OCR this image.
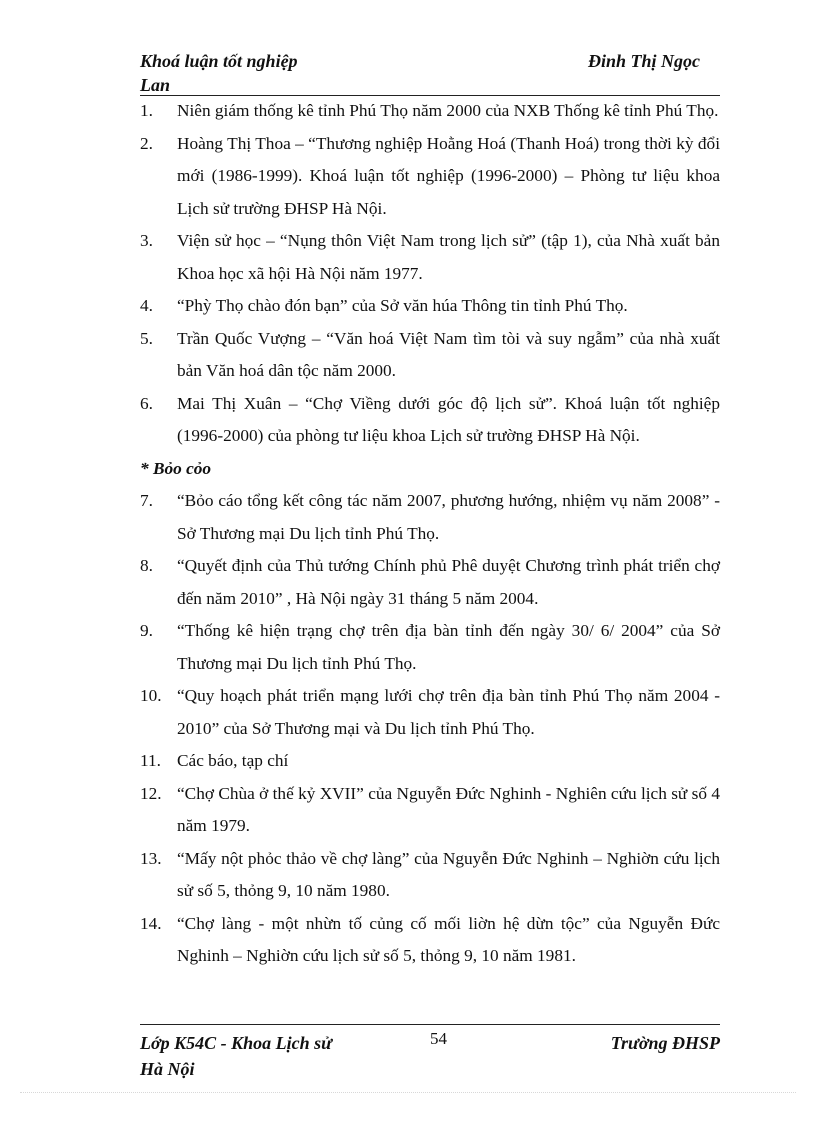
Khoá luận tốt nghiệp	Đinh Thị Ngọc
Lan
1.	Niên giám thống kê tỉnh Phú Thọ năm 2000 của NXB Thống kê tỉnh Phú Thọ.
2.	Hoàng Thị Thoa – “Thương nghiệp Hoằng Hoá (Thanh Hoá) trong thời kỳ đổi mới (1986-1999). Khoá luận tốt nghiệp (1996-2000) – Phòng tư liệu khoa Lịch sử trường ĐHSP Hà Nội.
3.	Viện sử học – “Nụng thôn Việt Nam trong lịch sử” (tập 1), của Nhà xuất bản Khoa học xã hội Hà Nội năm 1977.
4.	“Phỳ Thọ chào đón bạn” của Sở văn húa Thông tin tỉnh Phú Thọ.
5.	Trần Quốc Vượng – “Văn hoá Việt Nam tìm tòi và suy ngẫm” của nhà xuất bản Văn hoá dân tộc năm 2000.
6.	Mai Thị Xuân – “Chợ Viềng dưới góc độ lịch sử”. Khoá luận tốt nghiệp (1996-2000) của phòng tư liệu khoa Lịch sử trường ĐHSP Hà Nội.
* Bỏo cỏo
7.	“Bỏo cáo tổng kết công tác năm 2007, phương hướng, nhiệm vụ năm 2008” - Sở Thương mại Du lịch tỉnh Phú Thọ.
8.	“Quyết định của Thủ tướng Chính phủ Phê duyệt Chương trình phát triển chợ đến năm 2010” , Hà Nội ngày 31 tháng 5 năm 2004.
9.	“Thống kê hiện trạng chợ trên địa bàn tỉnh đến ngày 30/ 6/ 2004” của Sở Thương mại Du lịch tỉnh Phú Thọ.
10. “Quy hoạch phát triển mạng lưới chợ trên địa bàn tỉnh Phú Thọ năm 2004 - 2010” của Sở Thương mại và Du lịch tỉnh Phú Thọ.
11. Các báo, tạp chí
12. “Chợ Chùa ở thế kỷ XVII” của Nguyễn Đức Nghinh - Nghiên cứu lịch sử số 4 năm 1979.
13. “Mấy nột phỏc thảo về chợ làng” của Nguyễn Đức Nghinh – Nghiờn cứu lịch sử số 5, thỏng 9, 10 năm 1980.
14. “Chợ làng - một nhừn tố củng cố mối liờn hệ dừn tộc” của Nguyễn Đức Nghinh – Nghiờn cứu lịch sử số 5, thỏng 9, 10 năm 1981.
Lớp K54C - Khoa Lịch sử	54	Trường ĐHSP
Hà Nội
